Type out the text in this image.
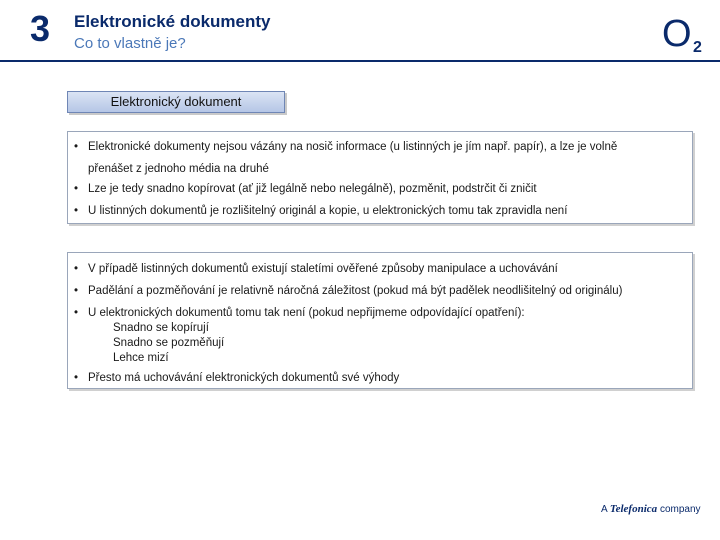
3 Elektronické dokumenty
Co to vlastně je?	O 2
Elektronický dokument
• Elektronické dokumenty nejsou vázány na nosič informace (u listinných je jím např. papír), a lze je volně
přenášet z jednoho média na druhé
• Lze je tedy snadno kopírovat (ať již legálně nebo nelegálně), pozměnit, podstrčit či zničit
• U listinných dokumentů je rozlišitelný originál a kopie, u elektronických tomu tak zpravidla není
• V případě listinných dokumentů existují staletími ověřené způsoby manipulace a uchovávání
• Padělání a pozměňování je relativně náročná záležitost (pokud má být padělek neodlišitelný od originálu)
• U elektronických dokumentů tomu tak není (pokud nepřijmeme odpovídající opatření):
Snadno se kopírují
Snadno se pozměňují
Lehce mizí
• Přesto má uchovávání elektronických dokumentů své výhody
A Telefonica company
